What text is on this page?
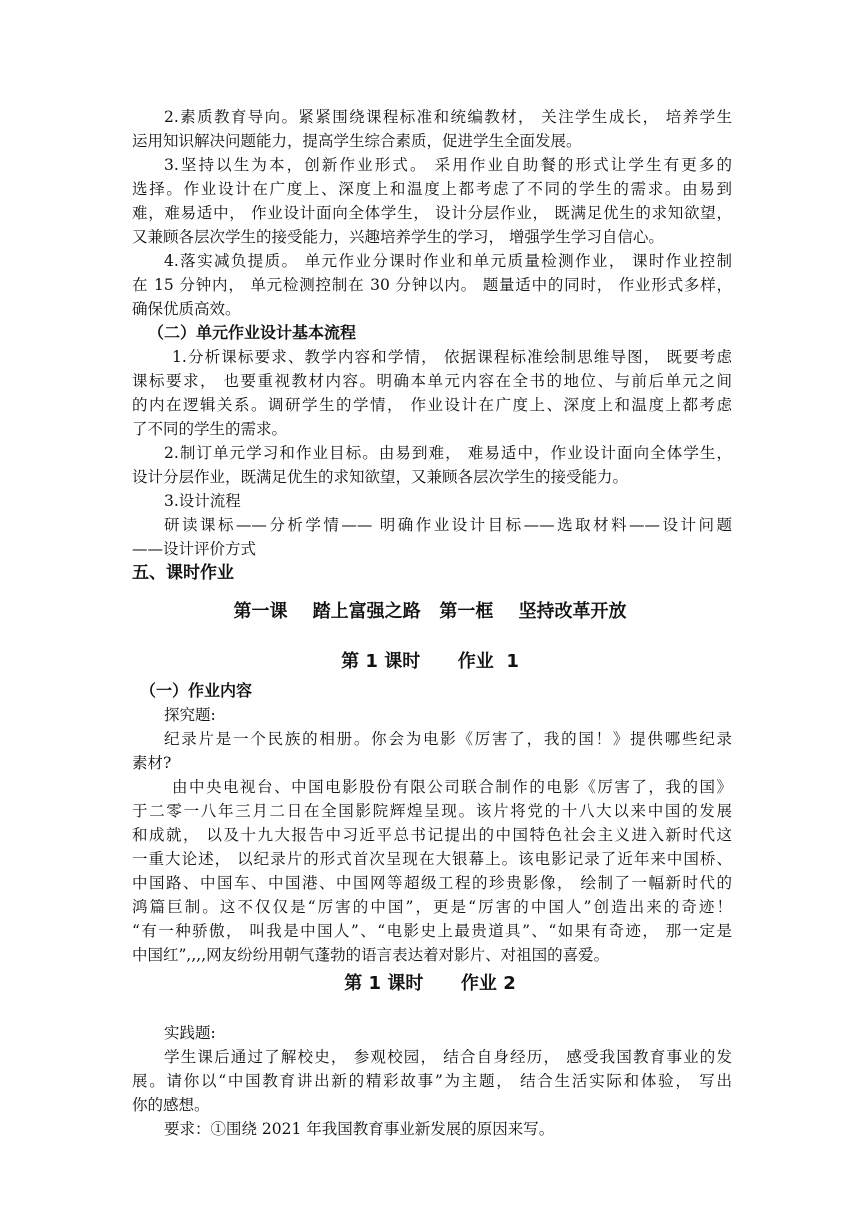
2.素质教育导向。紧紧围绕课程标准和统编教材， 关注学生成长， 培养学生
运用知识解决问题能力，提高学生综合素质，促进学生全面发展。
3.坚持以生为本，创新作业形式。 采用作业自助餐的形式让学生有更多的
选择。作业设计在广度上、深度上和温度上都考虑了不同的学生的需求。由易到
难，难易适中， 作业设计面向全体学生， 设计分层作业， 既满足优生的求知欲望，
又兼顾各层次学生的接受能力，兴趣培养学生的学习， 增强学生学习自信心。
4.落实减负提质。 单元作业分课时作业和单元质量检测作业， 课时作业控制
在 15 分钟内， 单元检测控制在 30 分钟以内。 题量适中的同时， 作业形式多样，
确保优质高效。
（二）单元作业设计基本流程
1.分析课标要求、教学内容和学情， 依据课程标准绘制思维导图， 既要考虑
课标要求， 也要重视教材内容。明确本单元内容在全书的地位、与前后单元之间
的内在逻辑关系。调研学生的学情， 作业设计在广度上、深度上和温度上都考虑
了不同的学生的需求。
2.制订单元学习和作业目标。由易到难， 难易适中，作业设计面向全体学生，
设计分层作业，既满足优生的求知欲望，又兼顾各层次学生的接受能力。
3.设计流程
研读课标——分析学情—— 明确作业设计目标——选取材料——设计问题
——设计评价方式
五、课时作业
第一课    踏上富强之路   第一框    坚持改革开放
第 1 课时      作业  1
（一）作业内容
探究题:
纪录片是一个民族的相册。你会为电影《厉害了，我的国！》提供哪些纪录
素材?
由中央电视台、中国电影股份有限公司联合制作的电影《厉害了，我的国》
于二零一八年三月二日在全国影院辉煌呈现。该片将党的十八大以来中国的发展
和成就， 以及十九大报告中习近平总书记提出的中国特色社会主义进入新时代这
一重大论述， 以纪录片的形式首次呈现在大银幕上。该电影记录了近年来中国桥、
中国路、中国车、中国港、中国网等超级工程的珍贵影像， 绘制了一幅新时代的
鸿篇巨制。这不仅仅是“厉害的中国”，更是“厉害的中国人”创造出来的奇迹！
“有一种骄傲， 叫我是中国人”、“电影史上最贵道具”、“如果有奇迹， 那一定是
中国红”,,,,网友纷纷用朝气蓬勃的语言表达着对影片、对祖国的喜爱。
第 1 课时      作业 2
实践题:
学生课后通过了解校史， 参观校园， 结合自身经历， 感受我国教育事业的发
展。请你以“中国教育讲出新的精彩故事”为主题， 结合生活实际和体验， 写出
你的感想。
要求：①围绕 2021 年我国教育事业新发展的原因来写。
